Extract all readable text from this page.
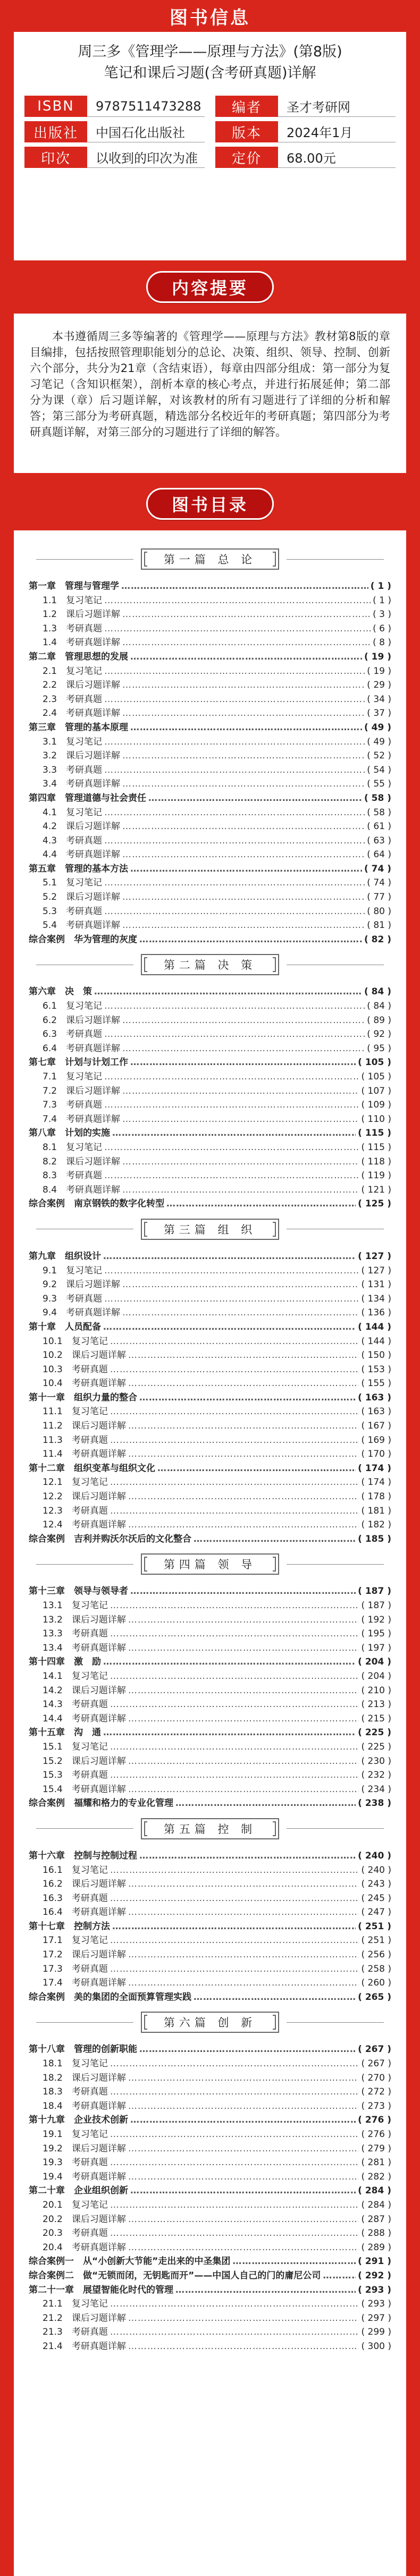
图书信息
周三多《管理学——原理与方法》(第8版)
笔记和课后习题(含考研真题)详解
ISBN	9787511473288	编者	圣才考研网
出版社	中国石化出版社	版本	2024年1月
印次	以收到的印次为准	定价	68.00元
内容提要
本书遵循周三多等编著的《管理学——原理与方法》教材第8版的章目编排，包括按照管理职能划分的总论、决策、组织、领导、控制、创新六个部分，共分为21章（含结束语），每章由四部分组成：第一部分为复习笔记（含知识框架），剖析本章的核心考点，并进行拓展延伸；第二部分为课（章）后习题详解，对该教材的所有习题进行了详细的分析和解答；第三部分为考研真题，精选部分名校近年的考研真题；第四部分为考研真题详解，对第三部分的习题进行了详细的解答。
图书目录
第一篇 总 论
第一章　管理与管理学 ………………………………………………………………………………………………………………………………………………………………………………………………………………………………………	( 1 )
1.1　复习笔记 ………………………………………………………………………………………………………………………………………………………………………………………………………………………………………	( 1 )
1.2　课后习题详解 ………………………………………………………………………………………………………………………………………………………………………………………………………………………………………	( 3 )
1.3　考研真题 ………………………………………………………………………………………………………………………………………………………………………………………………………………………………………	( 6 )
1.4　考研真题详解 ………………………………………………………………………………………………………………………………………………………………………………………………………………………………………	( 8 )
第二章　管理思想的发展 ………………………………………………………………………………………………………………………………………………………………………………………………………………………………………	( 19 )
2.1　复习笔记 ………………………………………………………………………………………………………………………………………………………………………………………………………………………………………	( 19 )
2.2　课后习题详解 ………………………………………………………………………………………………………………………………………………………………………………………………………………………………………	( 29 )
2.3　考研真题 ………………………………………………………………………………………………………………………………………………………………………………………………………………………………………	( 34 )
2.4　考研真题详解 ………………………………………………………………………………………………………………………………………………………………………………………………………………………………………	( 37 )
第三章　管理的基本原理 ………………………………………………………………………………………………………………………………………………………………………………………………………………………………………	( 49 )
3.1　复习笔记 ………………………………………………………………………………………………………………………………………………………………………………………………………………………………………	( 49 )
3.2　课后习题详解 ………………………………………………………………………………………………………………………………………………………………………………………………………………………………………	( 52 )
3.3　考研真题 ………………………………………………………………………………………………………………………………………………………………………………………………………………………………………	( 54 )
3.4　考研真题详解 ………………………………………………………………………………………………………………………………………………………………………………………………………………………………………	( 55 )
第四章　管理道德与社会责任 ………………………………………………………………………………………………………………………………………………………………………………………………………………………………………	( 58 )
4.1　复习笔记 ………………………………………………………………………………………………………………………………………………………………………………………………………………………………………	( 58 )
4.2　课后习题详解 ………………………………………………………………………………………………………………………………………………………………………………………………………………………………………	( 61 )
4.3　考研真题 ………………………………………………………………………………………………………………………………………………………………………………………………………………………………………	( 63 )
4.4　考研真题详解 ………………………………………………………………………………………………………………………………………………………………………………………………………………………………………	( 64 )
第五章　管理的基本方法 ………………………………………………………………………………………………………………………………………………………………………………………………………………………………………	( 74 )
5.1　复习笔记 ………………………………………………………………………………………………………………………………………………………………………………………………………………………………………	( 74 )
5.2　课后习题详解 ………………………………………………………………………………………………………………………………………………………………………………………………………………………………………	( 77 )
5.3　考研真题 ………………………………………………………………………………………………………………………………………………………………………………………………………………………………………	( 80 )
5.4　考研真题详解 ………………………………………………………………………………………………………………………………………………………………………………………………………………………………………	( 81 )
综合案例　华为管理的灰度 ………………………………………………………………………………………………………………………………………………………………………………………………………………………………………	( 82 )
第二篇 决 策
第六章　决　策 ………………………………………………………………………………………………………………………………………………………………………………………………………………………………………	( 84 )
6.1　复习笔记 ………………………………………………………………………………………………………………………………………………………………………………………………………………………………………	( 84 )
6.2　课后习题详解 ………………………………………………………………………………………………………………………………………………………………………………………………………………………………………	( 89 )
6.3　考研真题 ………………………………………………………………………………………………………………………………………………………………………………………………………………………………………	( 92 )
6.4　考研真题详解 ………………………………………………………………………………………………………………………………………………………………………………………………………………………………………	( 95 )
第七章　计划与计划工作 ………………………………………………………………………………………………………………………………………………………………………………………………………………………………………	( 105 )
7.1　复习笔记 ………………………………………………………………………………………………………………………………………………………………………………………………………………………………………	( 105 )
7.2　课后习题详解 ………………………………………………………………………………………………………………………………………………………………………………………………………………………………………	( 107 )
7.3　考研真题 ………………………………………………………………………………………………………………………………………………………………………………………………………………………………………	( 109 )
7.4　考研真题详解 ………………………………………………………………………………………………………………………………………………………………………………………………………………………………………	( 110 )
第八章　计划的实施 ………………………………………………………………………………………………………………………………………………………………………………………………………………………………………	( 115 )
8.1　复习笔记 ………………………………………………………………………………………………………………………………………………………………………………………………………………………………………	( 115 )
8.2　课后习题详解 ………………………………………………………………………………………………………………………………………………………………………………………………………………………………………	( 118 )
8.3　考研真题 ………………………………………………………………………………………………………………………………………………………………………………………………………………………………………	( 119 )
8.4　考研真题详解 ………………………………………………………………………………………………………………………………………………………………………………………………………………………………………	( 121 )
综合案例　南京钢铁的数字化转型 ………………………………………………………………………………………………………………………………………………………………………………………………………………………………………	( 125 )
第三篇 组 织
第九章　组织设计 ………………………………………………………………………………………………………………………………………………………………………………………………………………………………………	( 127 )
9.1　复习笔记 ………………………………………………………………………………………………………………………………………………………………………………………………………………………………………	( 127 )
9.2　课后习题详解 ………………………………………………………………………………………………………………………………………………………………………………………………………………………………………	( 131 )
9.3　考研真题 ………………………………………………………………………………………………………………………………………………………………………………………………………………………………………	( 134 )
9.4　考研真题详解 ………………………………………………………………………………………………………………………………………………………………………………………………………………………………………	( 136 )
第十章　人员配备 ………………………………………………………………………………………………………………………………………………………………………………………………………………………………………	( 144 )
10.1　复习笔记 ………………………………………………………………………………………………………………………………………………………………………………………………………………………………………	( 144 )
10.2　课后习题详解 ………………………………………………………………………………………………………………………………………………………………………………………………………………………………………	( 150 )
10.3　考研真题 ………………………………………………………………………………………………………………………………………………………………………………………………………………………………………	( 153 )
10.4　考研真题详解 ………………………………………………………………………………………………………………………………………………………………………………………………………………………………………	( 155 )
第十一章　组织力量的整合 ………………………………………………………………………………………………………………………………………………………………………………………………………………………………………	( 163 )
11.1　复习笔记 ………………………………………………………………………………………………………………………………………………………………………………………………………………………………………	( 163 )
11.2　课后习题详解 ………………………………………………………………………………………………………………………………………………………………………………………………………………………………………	( 167 )
11.3　考研真题 ………………………………………………………………………………………………………………………………………………………………………………………………………………………………………	( 169 )
11.4　考研真题详解 ………………………………………………………………………………………………………………………………………………………………………………………………………………………………………	( 170 )
第十二章　组织变革与组织文化 ………………………………………………………………………………………………………………………………………………………………………………………………………………………………………	( 174 )
12.1　复习笔记 ………………………………………………………………………………………………………………………………………………………………………………………………………………………………………	( 174 )
12.2　课后习题详解 ………………………………………………………………………………………………………………………………………………………………………………………………………………………………………	( 178 )
12.3　考研真题 ………………………………………………………………………………………………………………………………………………………………………………………………………………………………………	( 181 )
12.4　考研真题详解 ………………………………………………………………………………………………………………………………………………………………………………………………………………………………………	( 182 )
综合案例　吉利并购沃尔沃后的文化整合 ………………………………………………………………………………………………………………………………………………………………………………………………………………………………………	( 185 )
第四篇 领 导
第十三章　领导与领导者 ………………………………………………………………………………………………………………………………………………………………………………………………………………………………………	( 187 )
13.1　复习笔记 ………………………………………………………………………………………………………………………………………………………………………………………………………………………………………	( 187 )
13.2　课后习题详解 ………………………………………………………………………………………………………………………………………………………………………………………………………………………………………	( 192 )
13.3　考研真题 ………………………………………………………………………………………………………………………………………………………………………………………………………………………………………	( 195 )
13.4　考研真题详解 ………………………………………………………………………………………………………………………………………………………………………………………………………………………………………	( 197 )
第十四章　激　励 ………………………………………………………………………………………………………………………………………………………………………………………………………………………………………	( 204 )
14.1　复习笔记 ………………………………………………………………………………………………………………………………………………………………………………………………………………………………………	( 204 )
14.2　课后习题详解 ………………………………………………………………………………………………………………………………………………………………………………………………………………………………………	( 210 )
14.3　考研真题 ………………………………………………………………………………………………………………………………………………………………………………………………………………………………………	( 213 )
14.4　考研真题详解 ………………………………………………………………………………………………………………………………………………………………………………………………………………………………………	( 215 )
第十五章　沟　通 ………………………………………………………………………………………………………………………………………………………………………………………………………………………………………	( 225 )
15.1　复习笔记 ………………………………………………………………………………………………………………………………………………………………………………………………………………………………………	( 225 )
15.2　课后习题详解 ………………………………………………………………………………………………………………………………………………………………………………………………………………………………………	( 230 )
15.3　考研真题 ………………………………………………………………………………………………………………………………………………………………………………………………………………………………………	( 232 )
15.4　考研真题详解 ………………………………………………………………………………………………………………………………………………………………………………………………………………………………………	( 234 )
综合案例　福耀和格力的专业化管理 ………………………………………………………………………………………………………………………………………………………………………………………………………………………………………	( 238 )
第五篇 控 制
第十六章　控制与控制过程 ………………………………………………………………………………………………………………………………………………………………………………………………………………………………………	( 240 )
16.1　复习笔记 ………………………………………………………………………………………………………………………………………………………………………………………………………………………………………	( 240 )
16.2　课后习题详解 ………………………………………………………………………………………………………………………………………………………………………………………………………………………………………	( 243 )
16.3　考研真题 ………………………………………………………………………………………………………………………………………………………………………………………………………………………………………	( 245 )
16.4　考研真题详解 ………………………………………………………………………………………………………………………………………………………………………………………………………………………………………	( 247 )
第十七章　控制方法 ………………………………………………………………………………………………………………………………………………………………………………………………………………………………………	( 251 )
17.1　复习笔记 ………………………………………………………………………………………………………………………………………………………………………………………………………………………………………	( 251 )
17.2　课后习题详解 ………………………………………………………………………………………………………………………………………………………………………………………………………………………………………	( 256 )
17.3　考研真题 ………………………………………………………………………………………………………………………………………………………………………………………………………………………………………	( 258 )
17.4　考研真题详解 ………………………………………………………………………………………………………………………………………………………………………………………………………………………………………	( 260 )
综合案例　美的集团的全面预算管理实践 ………………………………………………………………………………………………………………………………………………………………………………………………………………………………………	( 265 )
第六篇 创 新
第十八章　管理的创新职能 ………………………………………………………………………………………………………………………………………………………………………………………………………………………………………	( 267 )
18.1　复习笔记 ………………………………………………………………………………………………………………………………………………………………………………………………………………………………………	( 267 )
18.2　课后习题详解 ………………………………………………………………………………………………………………………………………………………………………………………………………………………………………	( 270 )
18.3　考研真题 ………………………………………………………………………………………………………………………………………………………………………………………………………………………………………	( 272 )
18.4　考研真题详解 ………………………………………………………………………………………………………………………………………………………………………………………………………………………………………	( 273 )
第十九章　企业技术创新 ………………………………………………………………………………………………………………………………………………………………………………………………………………………………………	( 276 )
19.1　复习笔记 ………………………………………………………………………………………………………………………………………………………………………………………………………………………………………	( 276 )
19.2　课后习题详解 ………………………………………………………………………………………………………………………………………………………………………………………………………………………………………	( 279 )
19.3　考研真题 ………………………………………………………………………………………………………………………………………………………………………………………………………………………………………	( 281 )
19.4　考研真题详解 ………………………………………………………………………………………………………………………………………………………………………………………………………………………………………	( 282 )
第二十章　企业组织创新 ………………………………………………………………………………………………………………………………………………………………………………………………………………………………………	( 284 )
20.1　复习笔记 ………………………………………………………………………………………………………………………………………………………………………………………………………………………………………	( 284 )
20.2　课后习题详解 ………………………………………………………………………………………………………………………………………………………………………………………………………………………………………	( 287 )
20.3　考研真题 ………………………………………………………………………………………………………………………………………………………………………………………………………………………………………	( 288 )
20.4　考研真题详解 ………………………………………………………………………………………………………………………………………………………………………………………………………………………………………	( 289 )
综合案例一　从“小创新大节能”走出来的中圣集团 ………………………………………………………………………………………………………………………………………………………………………………………………………………………………………	( 291 )
综合案例二　做“无锁而闭，无钥匙而开”——中国人自己的门的庸尼公司 ………………………………………………………………………………………………………………………………………………………………………………………………………………………………………	( 292 )
第二十一章　展望智能化时代的管理 ………………………………………………………………………………………………………………………………………………………………………………………………………………………………………	( 293 )
21.1　复习笔记 ………………………………………………………………………………………………………………………………………………………………………………………………………………………………………	( 293 )
21.2　课后习题详解 ………………………………………………………………………………………………………………………………………………………………………………………………………………………………………	( 297 )
21.3　考研真题 ………………………………………………………………………………………………………………………………………………………………………………………………………………………………………	( 299 )
21.4　考研真题详解 ………………………………………………………………………………………………………………………………………………………………………………………………………………………………………	( 300 )
